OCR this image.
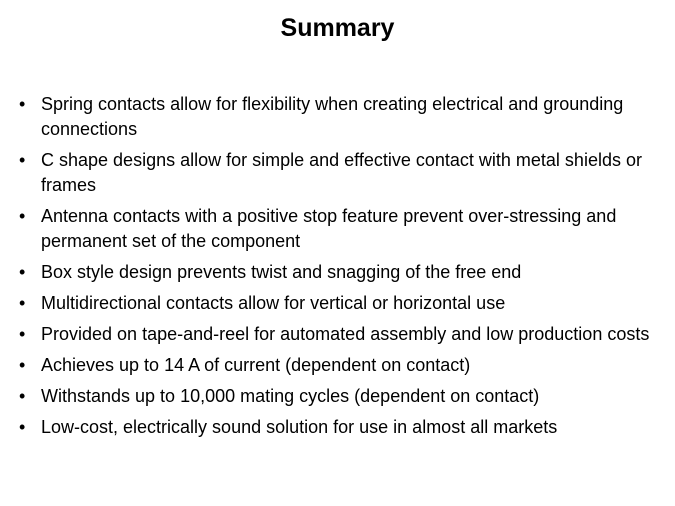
Summary
• Spring contacts allow for flexibility when creating electrical and grounding connections
• C shape designs allow for simple and effective contact with metal shields or frames
• Antenna contacts with a positive stop feature prevent over-stressing and permanent set of the component
• Box style design prevents twist and snagging of the free end
• Multidirectional contacts allow for vertical or horizontal use
• Provided on tape-and-reel for automated assembly and low production costs
• Achieves up to 14 A of current (dependent on contact)
• Withstands up to 10,000 mating cycles (dependent on contact)
• Low-cost, electrically sound solution for use in almost all markets
